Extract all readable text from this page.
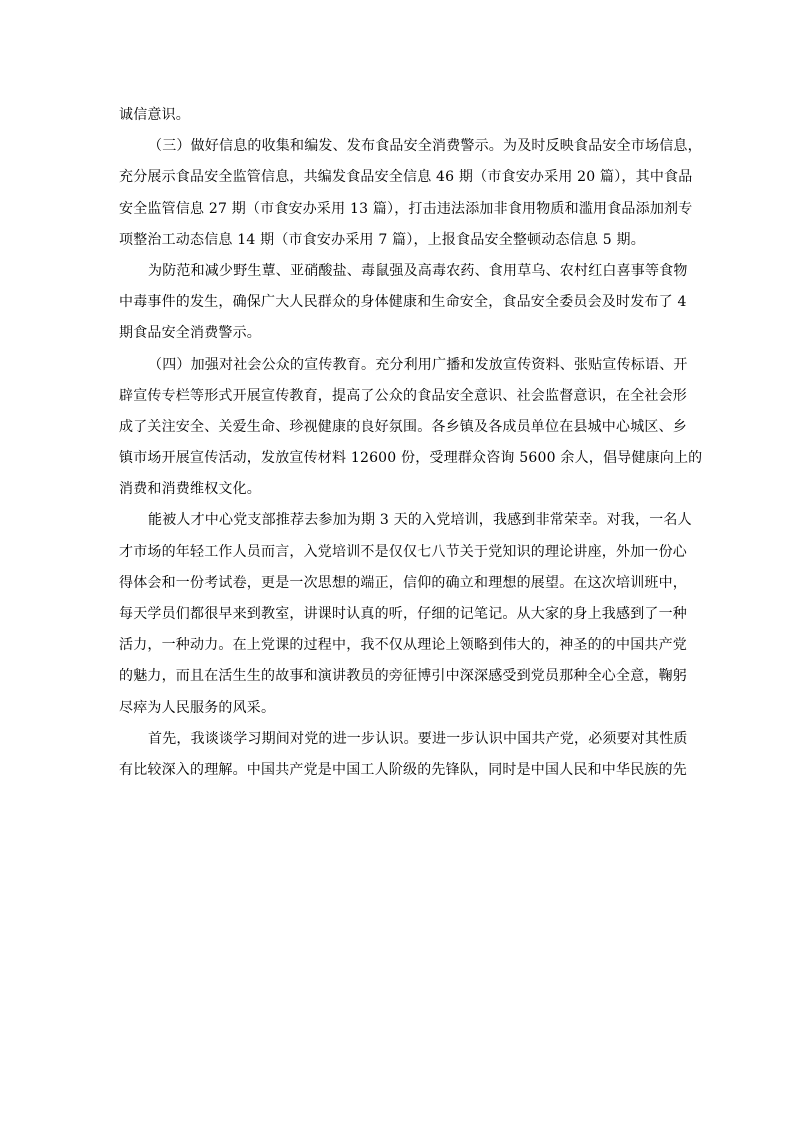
诚信意识。

（三）做好信息的收集和编发、发布食品安全消费警示。为及时反映食品安全市场信息，
充分展示食品安全监管信息，共编发食品安全信息 46 期（市食安办采用 20 篇），其中食品
安全监管信息 27 期（市食安办采用 13 篇），打击违法添加非食用物质和滥用食品添加剂专
项整治工动态信息 14 期（市食安办采用 7 篇），上报食品安全整顿动态信息 5 期。

为防范和减少野生蕈、亚硝酸盐、毒鼠强及高毒农药、食用草乌、农村红白喜事等食物
中毒事件的发生，确保广大人民群众的身体健康和生命安全，食品安全委员会及时发布了 4
期食品安全消费警示。

（四）加强对社会公众的宣传教育。充分利用广播和发放宣传资料、张贴宣传标语、开
辟宣传专栏等形式开展宣传教育，提高了公众的食品安全意识、社会监督意识，在全社会形
成了关注安全、关爱生命、珍视健康的良好氛围。各乡镇及各成员单位在县城中心城区、乡
镇市场开展宣传活动，发放宣传材料 12600 份，受理群众咨询 5600 余人，倡导健康向上的
消费和消费维权文化。

能被人才中心党支部推荐去参加为期 3 天的入党培训，我感到非常荣幸。对我，一名人
才市场的年轻工作人员而言，入党培训不是仅仅七八节关于党知识的理论讲座，外加一份心
得体会和一份考试卷，更是一次思想的端正，信仰的确立和理想的展望。在这次培训班中，
每天学员们都很早来到教室，讲课时认真的听，仔细的记笔记。从大家的身上我感到了一种
活力，一种动力。在上党课的过程中，我不仅从理论上领略到伟大的，神圣的的中国共产党
的魅力，而且在活生生的故事和演讲教员的旁征博引中深深感受到党员那种全心全意，鞠躬
尽瘁为人民服务的风采。

首先，我谈谈学习期间对党的进一步认识。要进一步认识中国共产党，必须要对其性质
有比较深入的理解。中国共产党是中国工人阶级的先锋队，同时是中国人民和中华民族的先
